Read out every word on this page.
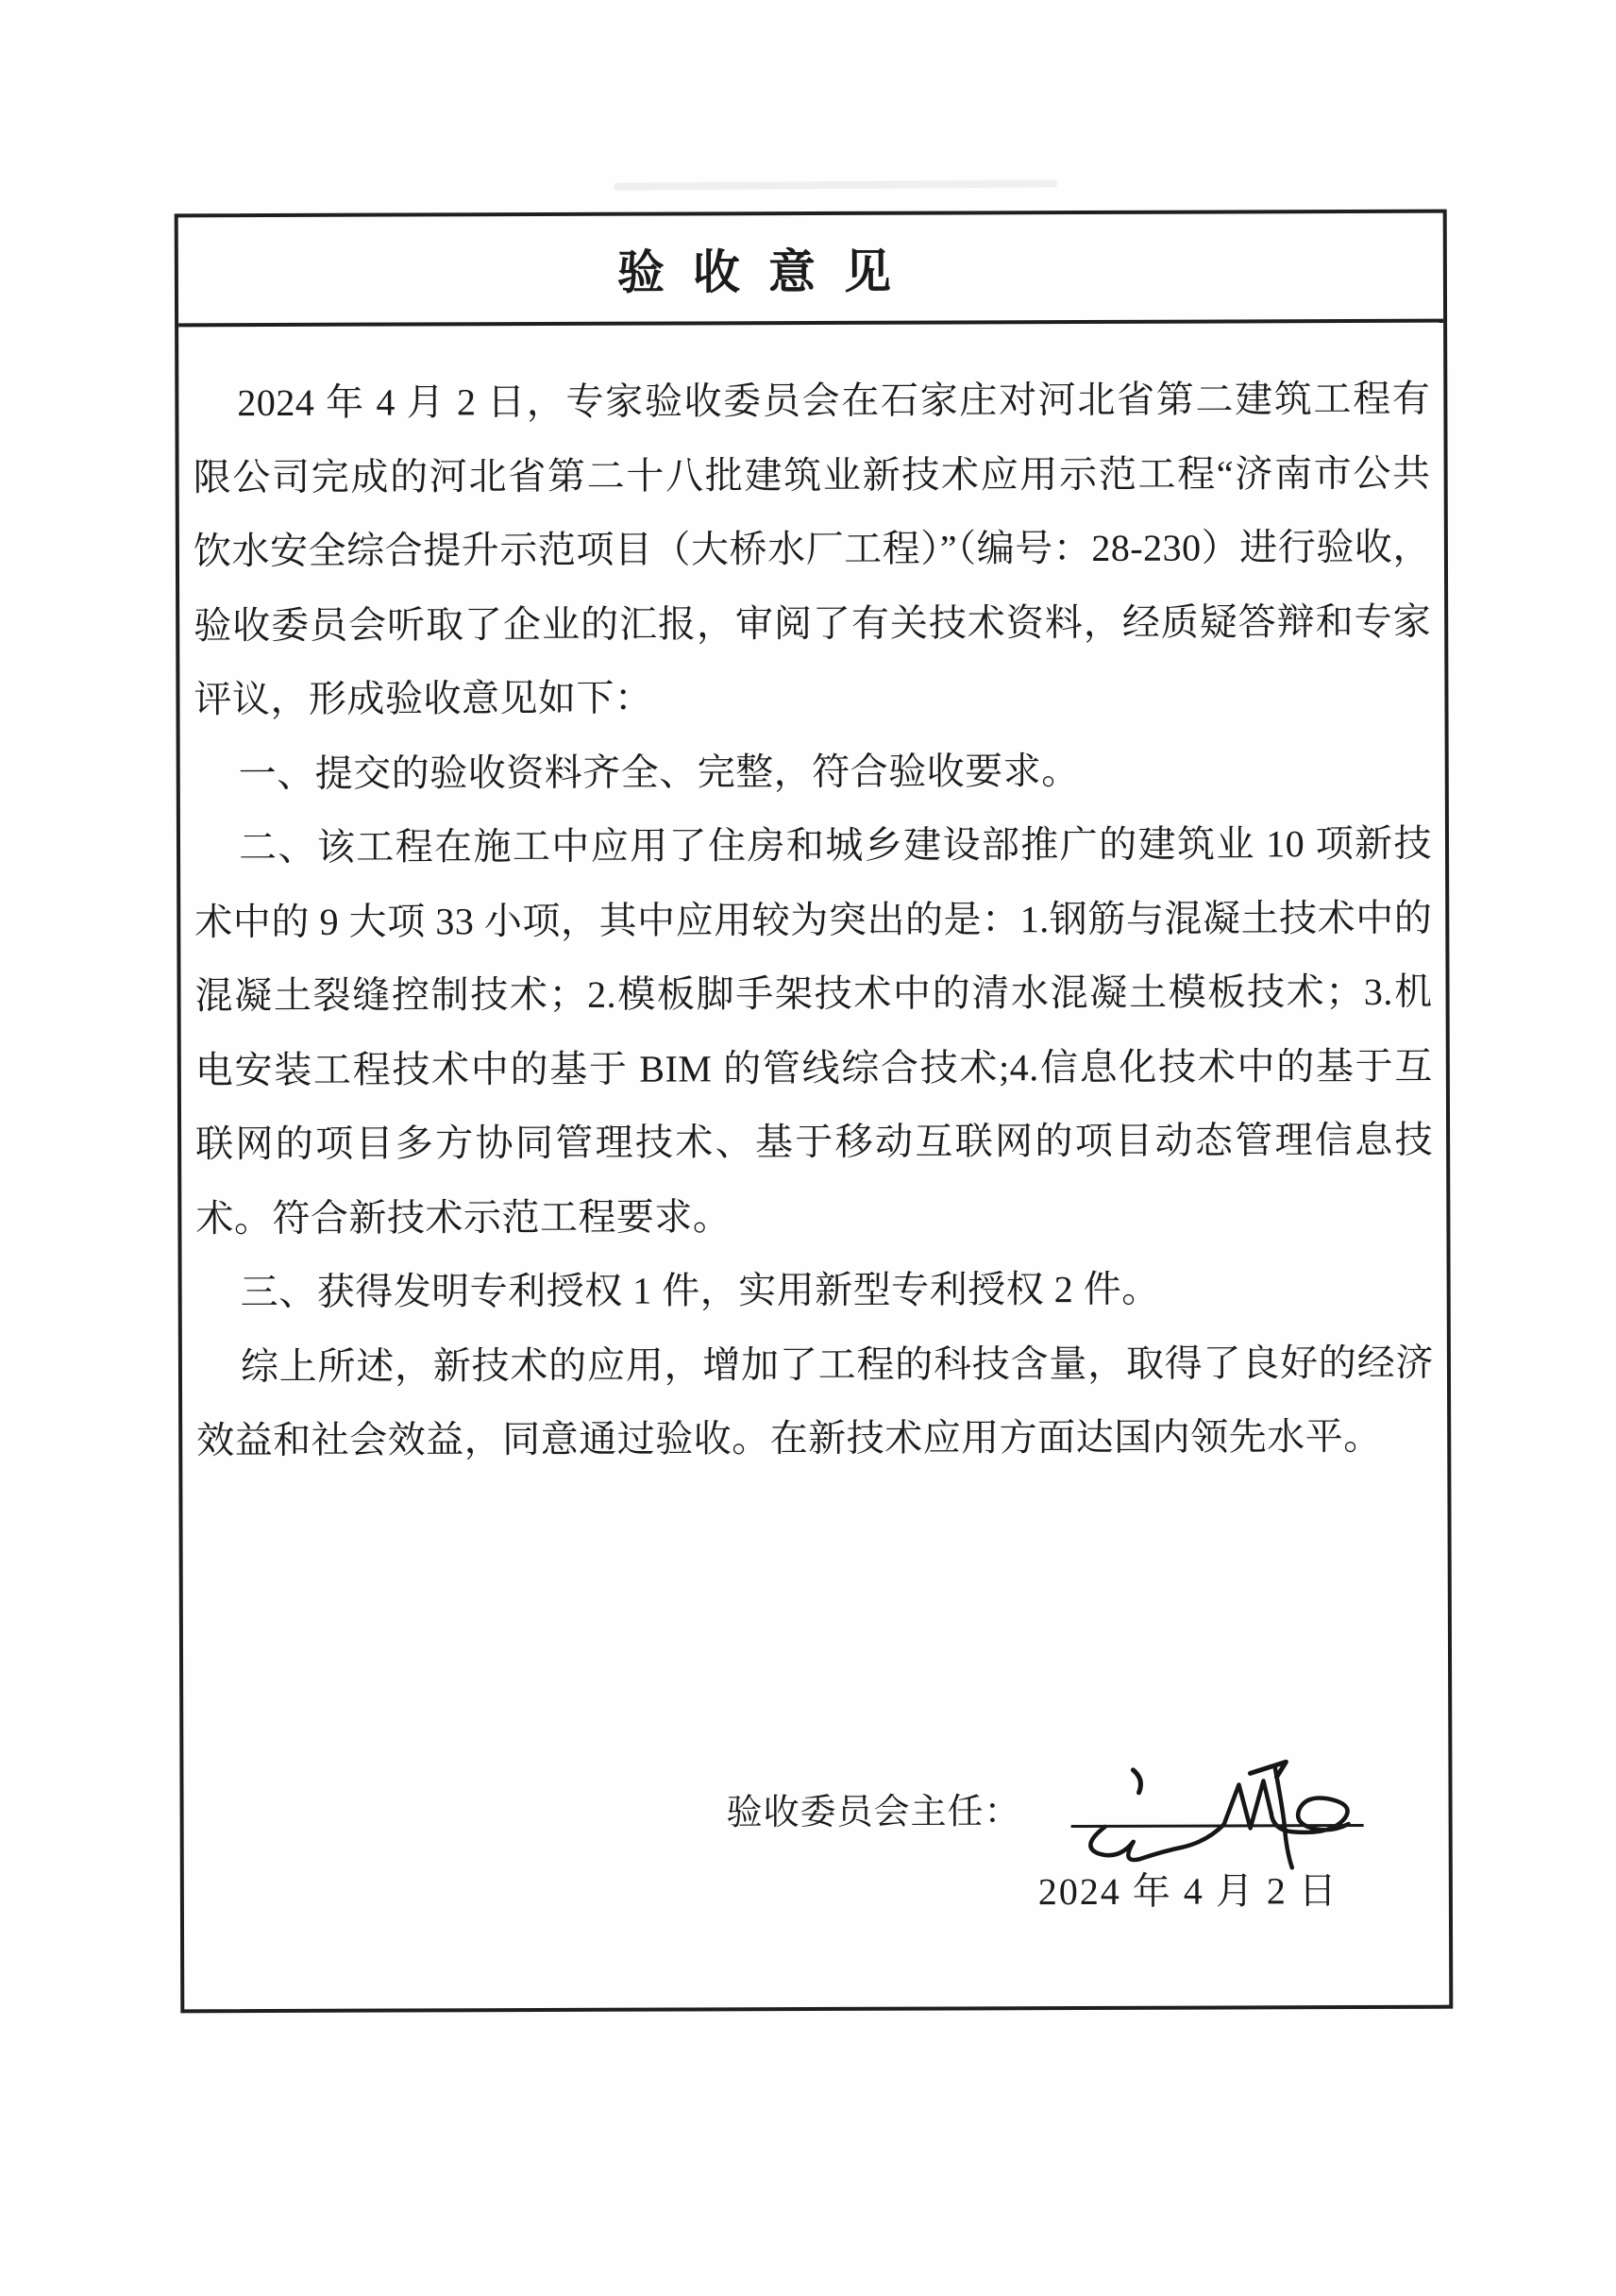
验收意见

2024 年 4 月 2 日，专家验收委员会在石家庄对河北省第二建筑工程有限公司完成的河北省第二十八批建筑业新技术应用示范工程“济南市公共饮水安全综合提升示范项目（大桥水厂工程）”（编号：28-230）进行验收，验收委员会听取了企业的汇报，审阅了有关技术资料，经质疑答辩和专家评议，形成验收意见如下：

一、提交的验收资料齐全、完整，符合验收要求。

二、该工程在施工中应用了住房和城乡建设部推广的建筑业 10 项新技术中的 9 大项 33 小项，其中应用较为突出的是：1.钢筋与混凝土技术中的混凝土裂缝控制技术；2.模板脚手架技术中的清水混凝土模板技术；3.机电安装工程技术中的基于 BIM 的管线综合技术;4.信息化技术中的基于互联网的项目多方协同管理技术、基于移动互联网的项目动态管理信息技术。符合新技术示范工程要求。

三、获得发明专利授权 1 件，实用新型专利授权 2 件。

综上所述，新技术的应用，增加了工程的科技含量，取得了良好的经济效益和社会效益，同意通过验收。在新技术应用方面达国内领先水平。

验收委员会主任：
2024 年 4 月 2 日
